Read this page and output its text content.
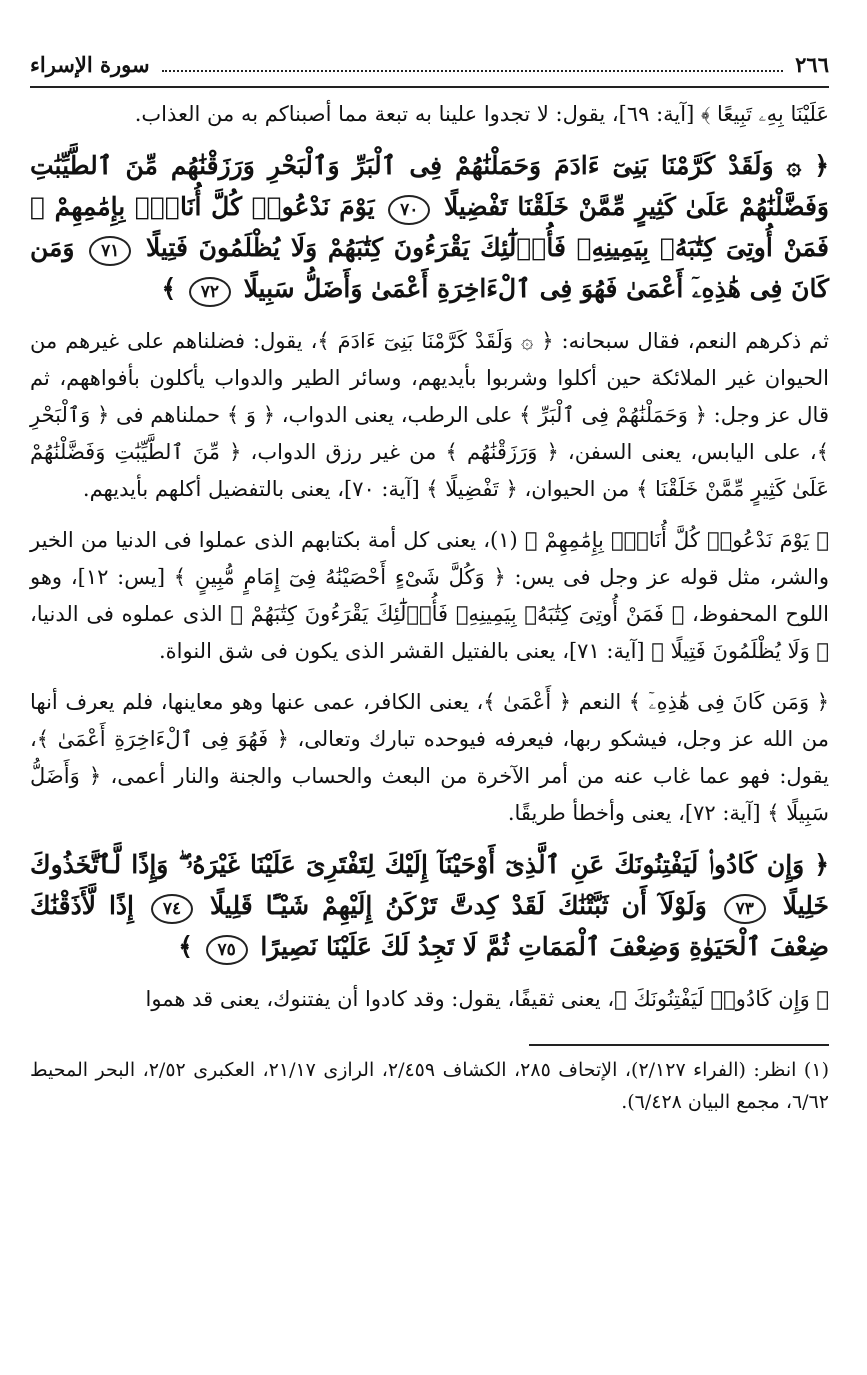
٢٦٦
سورة الإسراء

عَلَيْنَا بِهِۦ تَبِيعًا ﴾ [آية: ٦٩]، يقول: لا تجدوا علينا به تبعة مما أصبناكم به من العذاب.

﴿ ۞ وَلَقَدْ كَرَّمْنَا بَنِىٓ ءَادَمَ وَحَمَلْنَٰهُمْ فِى ٱلْبَرِّ وَٱلْبَحْرِ وَرَزَقْنَٰهُم مِّنَ ٱلطَّيِّبَٰتِ وَفَضَّلْنَٰهُمْ عَلَىٰ كَثِيرٍ مِّمَّنْ خَلَقْنَا تَفْضِيلًا ٧٠ يَوْمَ نَدْعُوا۟ كُلَّ أُنَاسٍۭ بِإِمَٰمِهِمْ ۖ فَمَنْ أُوتِىَ كِتَٰبَهُۥ بِيَمِينِهِۦ فَأُو۟لَٰٓئِكَ يَقْرَءُونَ كِتَٰبَهُمْ وَلَا يُظْلَمُونَ فَتِيلًا ٧١ وَمَن كَانَ فِى هَٰذِهِۦٓ أَعْمَىٰ فَهُوَ فِى ٱلْءَاخِرَةِ أَعْمَىٰ وَأَضَلُّ سَبِيلًا ٧٢ ﴾

ثم ذكرهم النعم، فقال سبحانه: ﴿ ۞ وَلَقَدْ كَرَّمْنَا بَنِىٓ ءَادَمَ ﴾، يقول: فضلناهم على غيرهم من الحيوان غير الملائكة حين أكلوا وشربوا بأيديهم، وسائر الطير والدواب يأكلون بأفواههم، ثم قال عز وجل: ﴿ وَحَمَلْنَٰهُمْ فِى ٱلْبَرِّ ﴾ على الرطب، يعنى الدواب، ﴿ وَ ﴾ حملناهم فى ﴿ وَٱلْبَحْرِ ﴾، على اليابس، يعنى السفن، ﴿ وَرَزَقْنَٰهُم ﴾ من غير رزق الدواب، ﴿ مِّنَ ٱلطَّيِّبَٰتِ وَفَضَّلْنَٰهُمْ عَلَىٰ كَثِيرٍ مِّمَّنْ خَلَقْنَا ﴾ من الحيوان، ﴿ تَفْضِيلًا ﴾ [آية: ٧٠]، يعنى بالتفضيل أكلهم بأيديهم.

﴿ يَوْمَ نَدْعُوا۟ كُلَّ أُنَاسٍۭ بِإِمَٰمِهِمْ ﴾ (١)، يعنى كل أمة بكتابهم الذى عملوا فى الدنيا من الخير والشر، مثل قوله عز وجل فى يس: ﴿ وَكُلَّ شَىْءٍ أَحْصَيْنَٰهُ فِىٓ إِمَامٍ مُّبِينٍ ﴾ [يس: ١٢]، وهو اللوح المحفوظ، ﴿ فَمَنْ أُوتِىَ كِتَٰبَهُۥ بِيَمِينِهِۦ فَأُو۟لَٰٓئِكَ يَقْرَءُونَ كِتَٰبَهُمْ ﴾ الذى عملوه فى الدنيا، ﴿ وَلَا يُظْلَمُونَ فَتِيلًا ﴾ [آية: ٧١]، يعنى بالفتيل القشر الذى يكون فى شق النواة.

﴿ وَمَن كَانَ فِى هَٰذِهِۦٓ ﴾ النعم ﴿ أَعْمَىٰ ﴾، يعنى الكافر، عمى عنها وهو معاينها، فلم يعرف أنها من الله عز وجل، فيشكو ربها، فيعرفه فيوحده تبارك وتعالى، ﴿ فَهُوَ فِى ٱلْءَاخِرَةِ أَعْمَىٰ ﴾، يقول: فهو عما غاب عنه من أمر الآخرة من البعث والحساب والجنة والنار أعمى، ﴿ وَأَضَلُّ سَبِيلًا ﴾ [آية: ٧٢]، يعنى وأخطأ طريقًا.

﴿ وَإِن كَادُوا۟ لَيَفْتِنُونَكَ عَنِ ٱلَّذِىٓ أَوْحَيْنَآ إِلَيْكَ لِتَفْتَرِىَ عَلَيْنَا غَيْرَهُۥ ۖ وَإِذًا لَّٱتَّخَذُوكَ خَلِيلًا ٧٣ وَلَوْلَآ أَن ثَبَّتْنَٰكَ لَقَدْ كِدتَّ تَرْكَنُ إِلَيْهِمْ شَيْـًٔا قَلِيلًا ٧٤ إِذًا لَّأَذَقْنَٰكَ ضِعْفَ ٱلْحَيَوٰةِ وَضِعْفَ ٱلْمَمَاتِ ثُمَّ لَا تَجِدُ لَكَ عَلَيْنَا نَصِيرًا ٧٥ ﴾

﴿ وَإِن كَادُوا۟ لَيَفْتِنُونَكَ ﴾، يعنى ثقيفًا، يقول: وقد كادوا أن يفتنوك، يعنى قد هموا

(١) انظر: (الفراء ٢/١٢٧)، الإتحاف ٢٨٥، الكشاف ٢/٤٥٩، الرازى ٢١/١٧، العكبرى ٢/٥٢، البحر المحيط ٦/٦٢، مجمع البيان ٦/٤٢٨).
